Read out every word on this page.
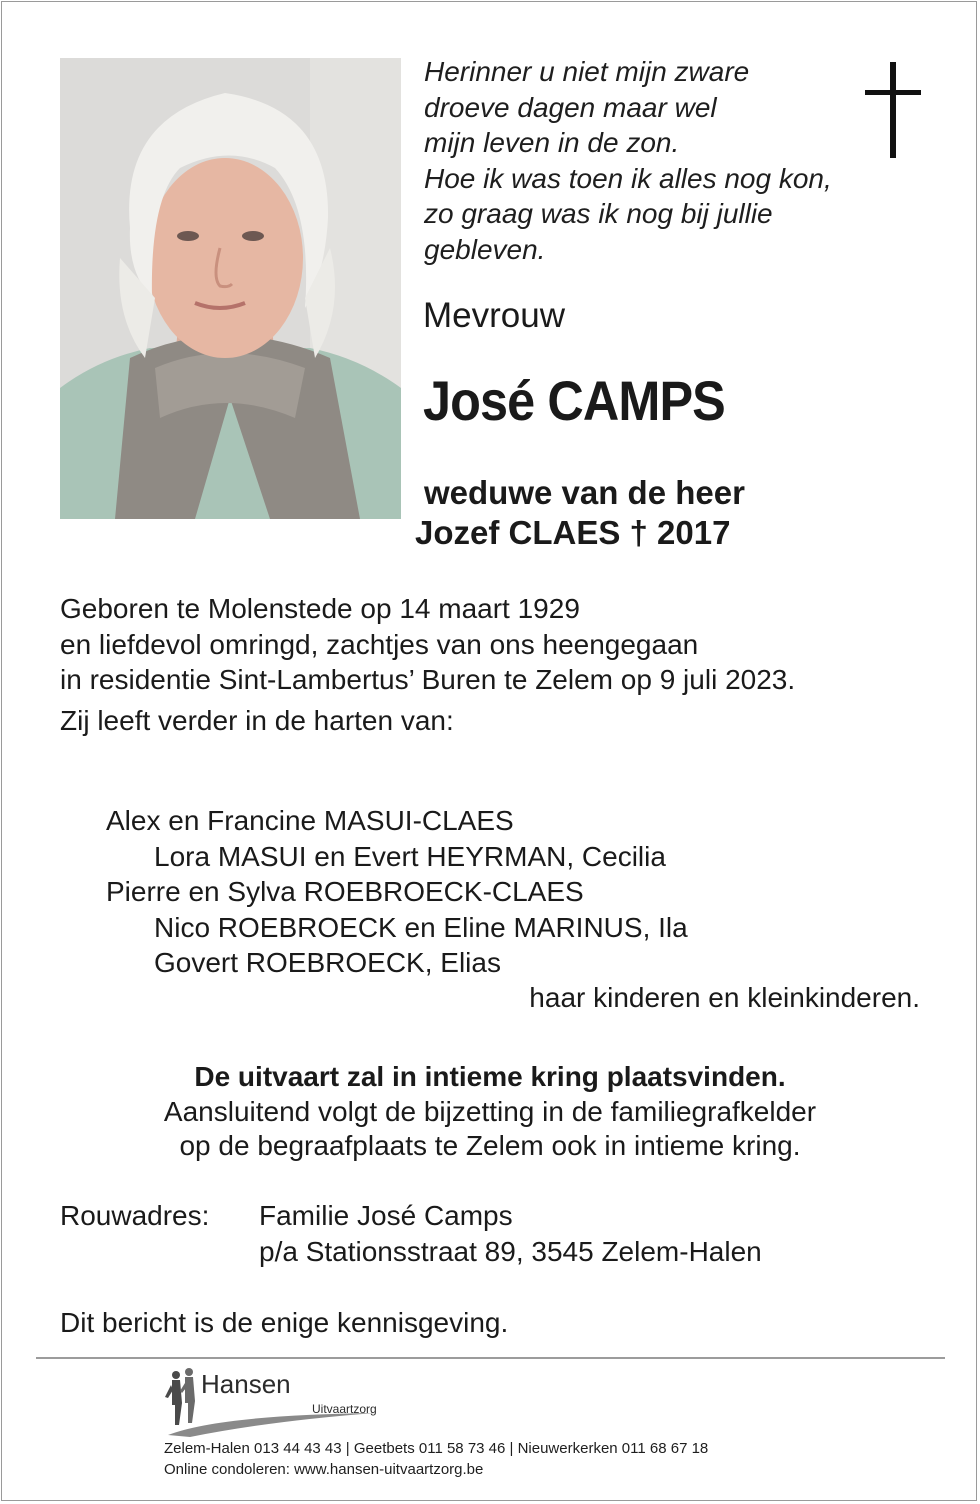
Herinner u niet mijn zware
droeve dagen maar wel
mijn leven in de zon.
Hoe ik was toen ik alles nog kon,
zo graag was ik nog bij jullie
gebleven.
Mevrouw
José CAMPS
weduwe van de heer
Jozef CLAES † 2017
Geboren te Molenstede op 14 maart 1929
en liefdevol omringd, zachtjes van ons heengegaan
in residentie Sint-Lambertus’ Buren te Zelem op 9 juli 2023.
Zij leeft verder in de harten van:
Alex en Francine MASUI-CLAES
Lora MASUI en Evert HEYRMAN, Cecilia
Pierre en Sylva ROEBROECK-CLAES
Nico ROEBROECK en Eline MARINUS, Ila
Govert ROEBROECK, Elias
haar kinderen en kleinkinderen.
De uitvaart zal in intieme kring plaatsvinden.
Aansluitend volgt de bijzetting in de familiegrafkelder
op de begraafplaats te Zelem ook in intieme kring.
Rouwadres: Familie José Camps
p/a Stationsstraat 89, 3545 Zelem-Halen
Dit bericht is de enige kennisgeving.
Hansen
Uitvaartzorg
Zelem-Halen 013 44 43 43 | Geetbets 011 58 73 46 | Nieuwerkerken 011 68 67 18
Online condoleren: www.hansen-uitvaartzorg.be
